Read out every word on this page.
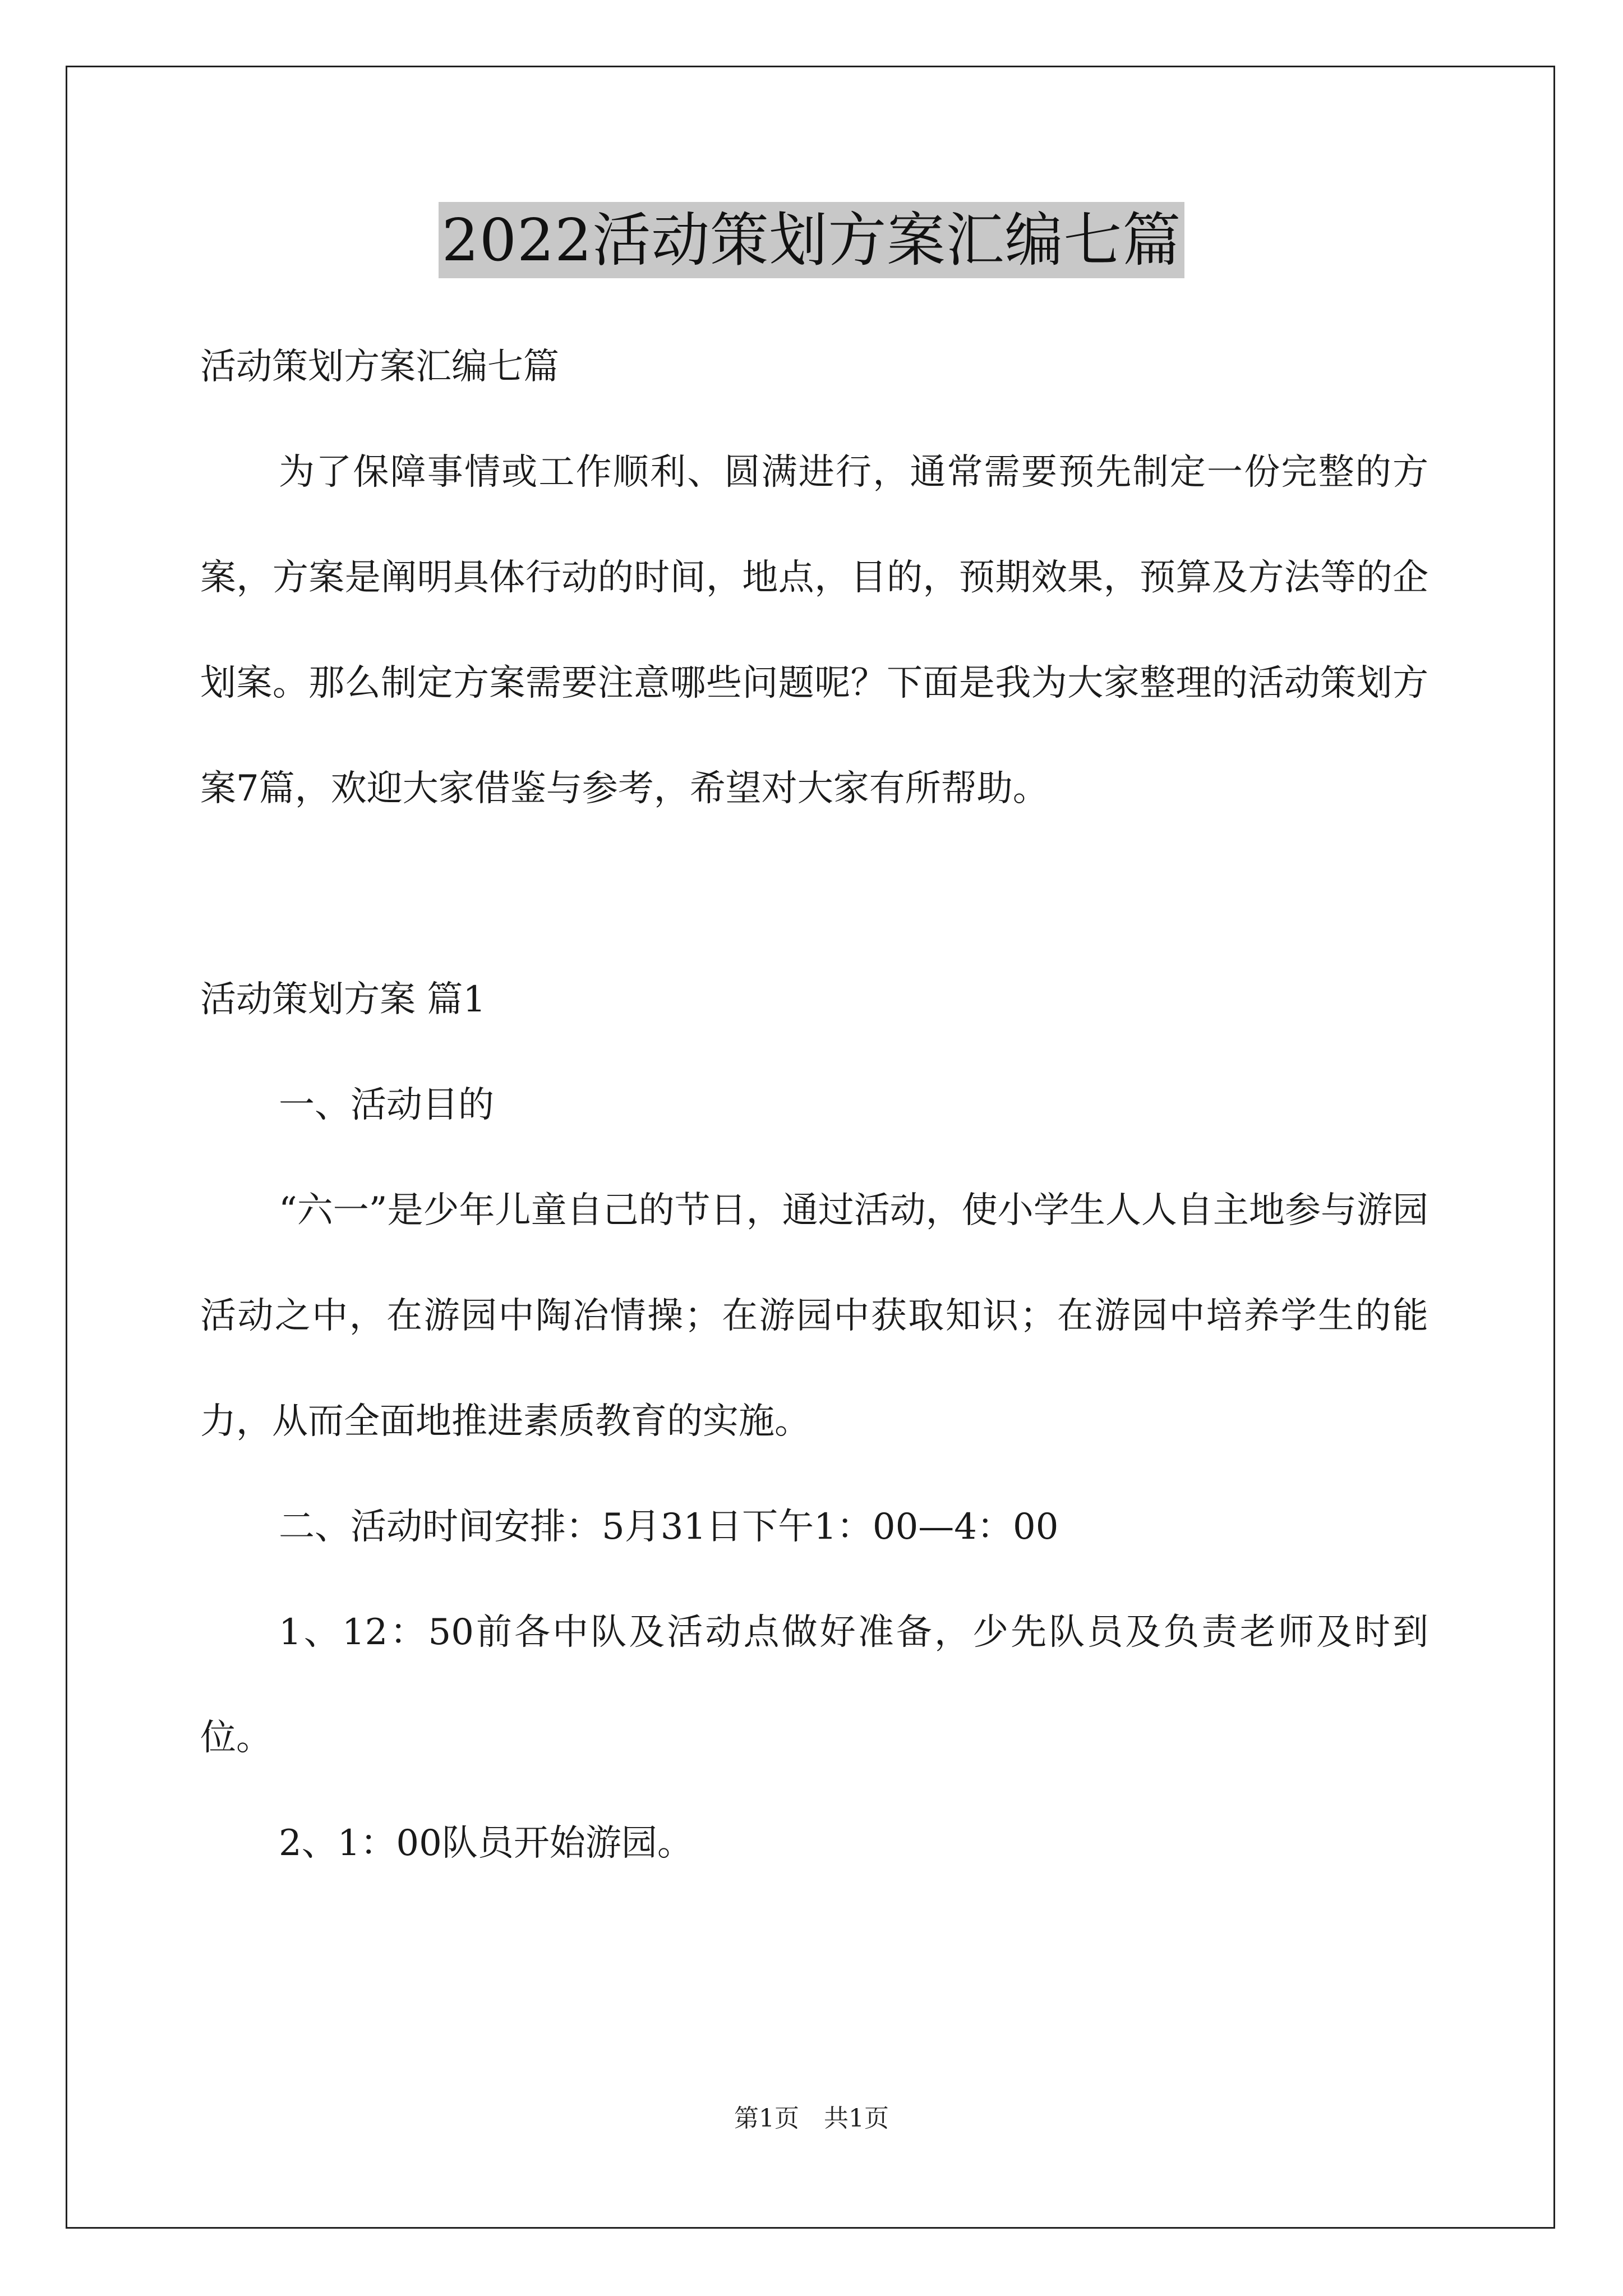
2022活动策划方案汇编七篇

活动策划方案汇编七篇

为了保障事情或工作顺利、圆满进行，通常需要预先制定一份完整的方案，方案是阐明具体行动的时间，地点，目的，预期效果，预算及方法等的企划案。那么制定方案需要注意哪些问题呢？下面是我为大家整理的活动策划方案7篇，欢迎大家借鉴与参考，希望对大家有所帮助。

活动策划方案 篇1

一、活动目的

“六一”是少年儿童自己的节日，通过活动，使小学生人人自主地参与游园活动之中，在游园中陶冶情操；在游园中获取知识；在游园中培养学生的能力，从而全面地推进素质教育的实施。

二、活动时间安排：5月31日下午1：00—4：00

1、12：50前各中队及活动点做好准备，少先队员及负责老师及时到位。

2、1：00队员开始游园。

第1页　共1页
